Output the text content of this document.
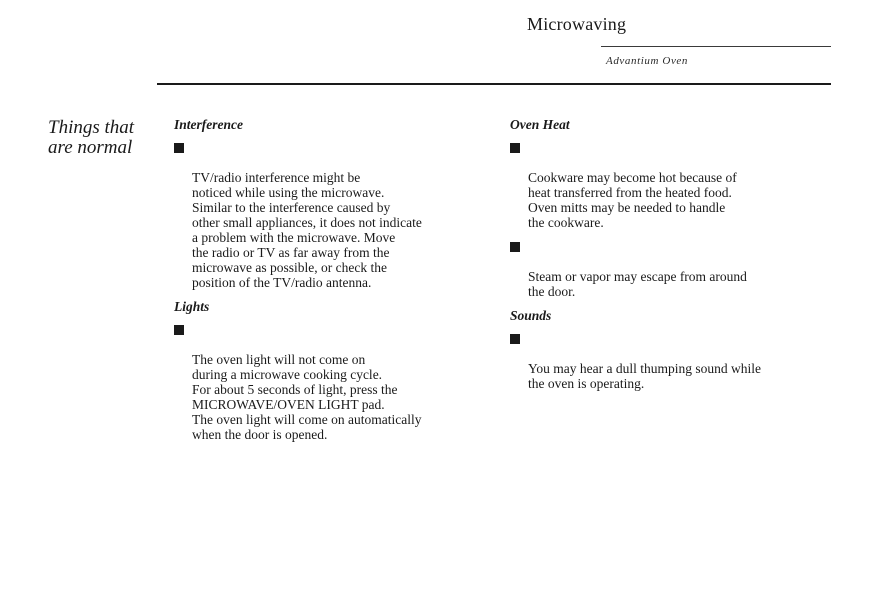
Microwaving
Advantium Oven
Things that
are normal
Interference

TV/radio interference might be
noticed while using the microwave.
Similar to the interference caused by
other small appliances, it does not indicate
a problem with the microwave. Move
the radio or TV as far away from the
microwave as possible, or check the
position of the TV/radio antenna.

Lights

The oven light will not come on
during a microwave cooking cycle.
For about 5 seconds of light, press the
MICROWAVE/OVEN LIGHT pad.
The oven light will come on automatically
when the door is opened.

Oven Heat

Cookware may become hot because of
heat transferred from the heated food.
Oven mitts may be needed to handle
the cookware.

Steam or vapor may escape from around
the door.

Sounds

You may hear a dull thumping sound while
the oven is operating.
